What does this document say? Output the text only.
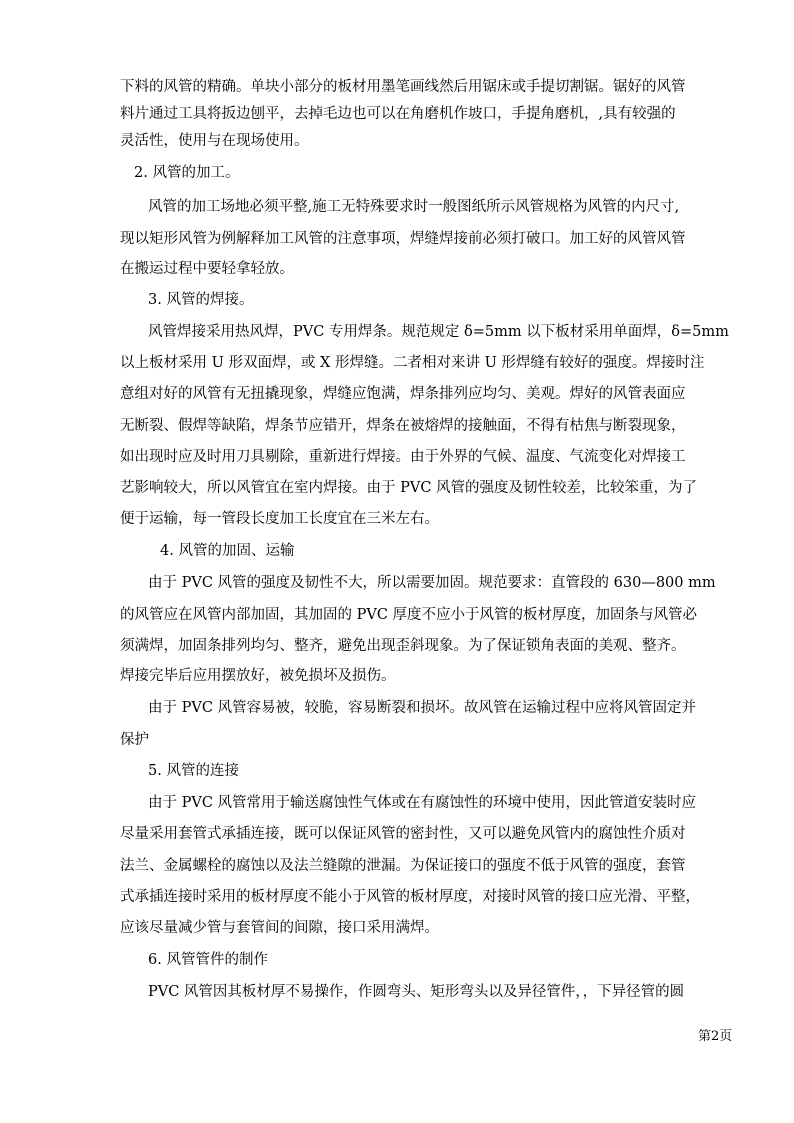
下料的风管的精确。单块小部分的板材用墨笔画线然后用锯床或手提切割锯。锯好的风管
料片通过工具将扳边刨平，去掉毛边也可以在角磨机作坡口，手提角磨机，,具有较强的
灵活性，使用与在现场使用。
2. 风管的加工。
风管的加工场地必须平整,施工无特殊要求时一般图纸所示风管规格为风管的内尺寸,
现以矩形风管为例解释加工风管的注意事项，焊缝焊接前必须打破口。加工好的风管风管
在搬运过程中要轻拿轻放。
3. 风管的焊接。
风管焊接采用热风焊，PVC 专用焊条。规范规定 δ=5mm 以下板材采用单面焊，δ=5mm
以上板材采用 U 形双面焊，或 X 形焊缝。二者相对来讲 U 形焊缝有较好的强度。焊接时注
意组对好的风管有无扭撬现象，焊缝应饱满，焊条排列应均匀、美观。焊好的风管表面应
无断裂、假焊等缺陷，焊条节应错开，焊条在被熔焊的接触面，不得有枯焦与断裂现象，
如出现时应及时用刀具剔除，重新进行焊接。由于外界的气候、温度、气流变化对焊接工
艺影响较大，所以风管宜在室内焊接。由于 PVC 风管的强度及韧性较差，比较笨重，为了
便于运输，每一管段长度加工长度宜在三米左右。
4. 风管的加固、运输
由于 PVC 风管的强度及韧性不大，所以需要加固。规范要求：直管段的 630—800 mm
的风管应在风管内部加固，其加固的 PVC 厚度不应小于风管的板材厚度，加固条与风管必
须满焊，加固条排列均匀、整齐，避免出现歪斜现象。为了保证锁角表面的美观、整齐。
焊接完毕后应用摆放好，被免损坏及损伤。
由于 PVC 风管容易被，较脆，容易断裂和损坏。故风管在运输过程中应将风管固定并
保护
5. 风管的连接
由于 PVC 风管常用于输送腐蚀性气体或在有腐蚀性的环境中使用，因此管道安装时应
尽量采用套管式承插连接，既可以保证风管的密封性，又可以避免风管内的腐蚀性介质对
法兰、金属螺栓的腐蚀以及法兰缝隙的泄漏。为保证接口的强度不低于风管的强度，套管
式承插连接时采用的板材厚度不能小于风管的板材厚度，对接时风管的接口应光滑、平整，
应该尽量减少管与套管间的间隙，接口采用满焊。
6. 风管管件的制作
PVC 风管因其板材厚不易操作，作圆弯头、矩形弯头以及异径管件，，下异径管的圆
第2页
